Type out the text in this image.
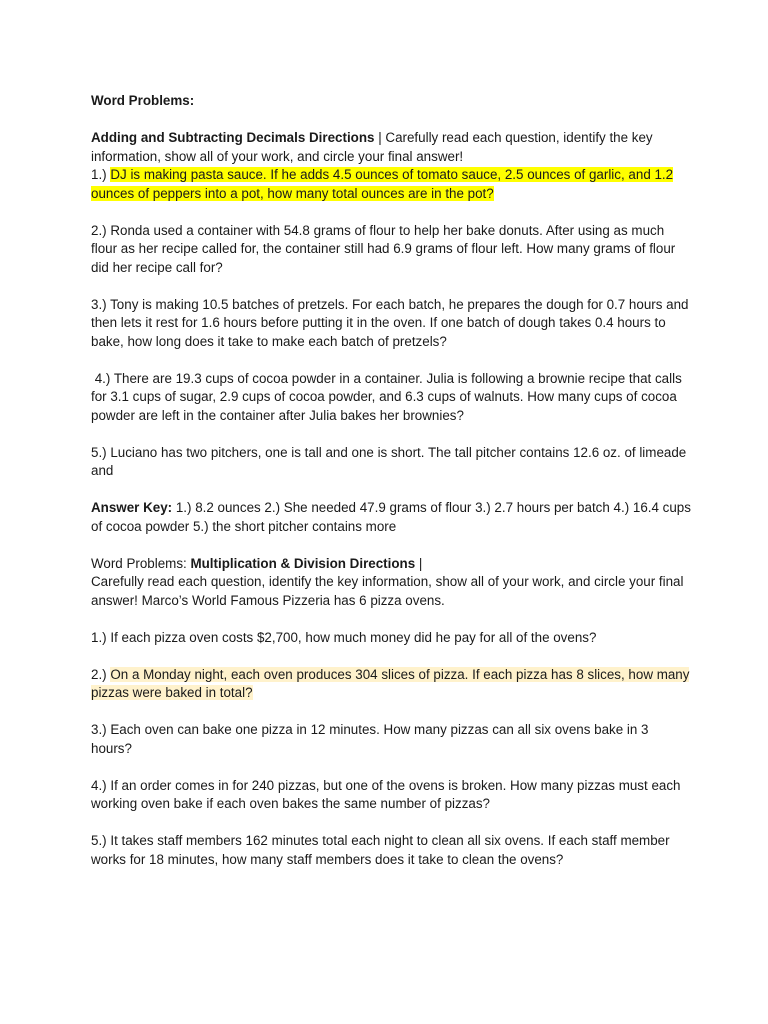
Word Problems:

Adding and Subtracting Decimals Directions | Carefully read each question, identify the key information, show all of your work, and circle your final answer!

1.) DJ is making pasta sauce. If he adds 4.5 ounces of tomato sauce, 2.5 ounces of garlic, and 1.2 ounces of peppers into a pot, how many total ounces are in the pot?

2.) Ronda used a container with 54.8 grams of flour to help her bake donuts. After using as much flour as her recipe called for, the container still had 6.9 grams of flour left. How many grams of flour did her recipe call for?

3.) Tony is making 10.5 batches of pretzels. For each batch, he prepares the dough for 0.7 hours and then lets it rest for 1.6 hours before putting it in the oven. If one batch of dough takes 0.4 hours to bake, how long does it take to make each batch of pretzels?

4.) There are 19.3 cups of cocoa powder in a container. Julia is following a brownie recipe that calls for 3.1 cups of sugar, 2.9 cups of cocoa powder, and 6.3 cups of walnuts. How many cups of cocoa powder are left in the container after Julia bakes her brownies?

5.) Luciano has two pitchers, one is tall and one is short. The tall pitcher contains 12.6 oz. of limeade and

Answer Key: 1.) 8.2 ounces 2.) She needed 47.9 grams of flour 3.) 2.7 hours per batch 4.) 16.4 cups of cocoa powder 5.) the short pitcher contains more

Word Problems: Multiplication & Division Directions |

Carefully read each question, identify the key information, show all of your work, and circle your final answer! Marco’s World Famous Pizzeria has 6 pizza ovens.

1.) If each pizza oven costs $2,700, how much money did he pay for all of the ovens?

2.) On a Monday night, each oven produces 304 slices of pizza. If each pizza has 8 slices, how many pizzas were baked in total?

3.) Each oven can bake one pizza in 12 minutes. How many pizzas can all six ovens bake in 3 hours?

4.) If an order comes in for 240 pizzas, but one of the ovens is broken. How many pizzas must each working oven bake if each oven bakes the same number of pizzas?

5.) It takes staff members 162 minutes total each night to clean all six ovens. If each staff member works for 18 minutes, how many staff members does it take to clean the ovens?
